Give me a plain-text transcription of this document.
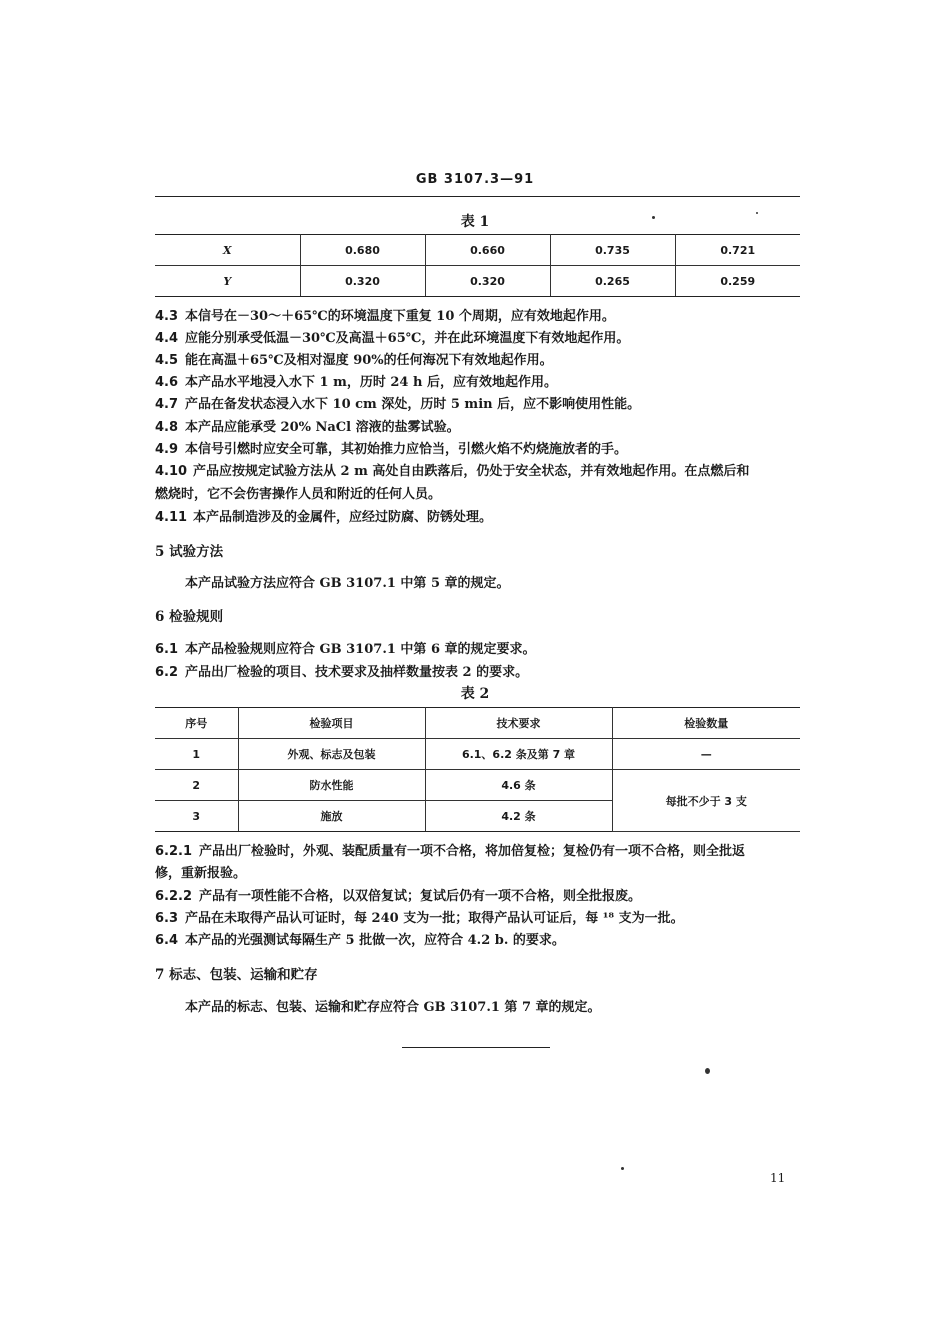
GB 3107.3—91
表 1
X	0.680	0.660	0.735	0.721
Y	0.320	0.320	0.265	0.259
4.3 本信号在－30～＋65℃的环境温度下重复 10 个周期，应有效地起作用。
4.4 应能分别承受低温－30℃及高温＋65℃，并在此环境温度下有效地起作用。
4.5 能在高温＋65℃及相对湿度 90%的任何海况下有效地起作用。
4.6 本产品水平地浸入水下 1 m，历时 24 h 后，应有效地起作用。
4.7 产品在备发状态浸入水下 10 cm 深处，历时 5 min 后，应不影响使用性能。
4.8 本产品应能承受 20% NaCl 溶液的盐雾试验。
4.9 本信号引燃时应安全可靠，其初始推力应恰当，引燃火焰不灼烧施放者的手。
4.10 产品应按规定试验方法从 2 m 高处自由跌落后，仍处于安全状态，并有效地起作用。在点燃后和
燃烧时，它不会伤害操作人员和附近的任何人员。
4.11 本产品制造涉及的金属件，应经过防腐、防锈处理。
5 试验方法
本产品试验方法应符合 GB 3107.1 中第 5 章的规定。
6 检验规则
6.1 本产品检验规则应符合 GB 3107.1 中第 6 章的规定要求。
6.2 产品出厂检验的项目、技术要求及抽样数量按表 2 的要求。
表 2
序号	检验项目	技术要求	检验数量
1	外观、标志及包装	6.1、6.2 条及第 7 章	—
2	防水性能	4.6 条	每批不少于 3 支
3	施放	4.2 条	
6.2.1 产品出厂检验时，外观、装配质量有一项不合格，将加倍复检；复检仍有一项不合格，则全批返
修，重新报验。
6.2.2 产品有一项性能不合格，以双倍复试；复试后仍有一项不合格，则全批报废。
6.3 产品在未取得产品认可证时，每 240 支为一批；取得产品认可证后，每 ¹⁸ 支为一批。
6.4 本产品的光强测试每隔生产 5 批做一次，应符合 4.2 b. 的要求。
7 标志、包装、运输和贮存
本产品的标志、包装、运输和贮存应符合 GB 3107.1 第 7 章的规定。
11
